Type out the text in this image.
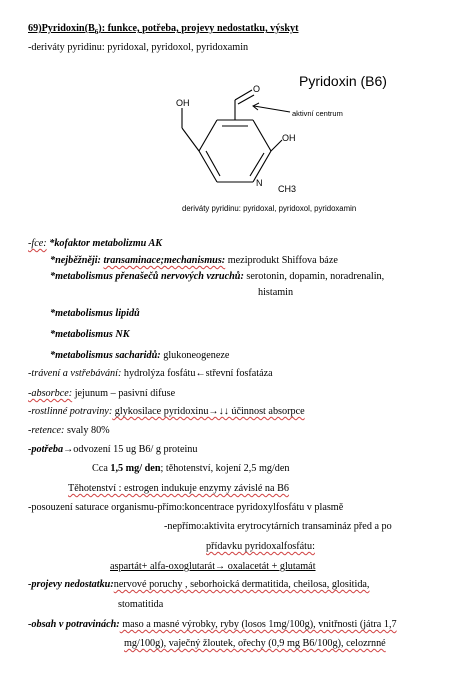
$69)Pyridoxin(B_6)$: funkce, potřeba, projevy nedostatku, výskyt
-deriváty pyridinu: pyridoxal, pyridoxol, pyridoxamin
Pyridoxin (B6)
OH
O
OH
aktivní centrum
N
CH3
deriváty pyridinu: pyridoxal, pyridoxol, pyridoxamin
-fce: *kofaktor metabolizmu AK
*nejběžněji: transaminace;mechanismus: meziprodukt Shiffova báze
*metabolismus přenašečů nervových vzruchů: serotonin, dopamin, noradrenalin,
histamin
*metabolismus lipidů
*metabolismus NK
*metabolismus sacharidů: glukoneogeneze
-trávení a vstřebávání: hydrolýza fosfátu←střevní fosfatáza
-absorbce: jejunum – pasivní difuse
-rostlinné potraviny: glykosilace pyridoxinu→↓↓ účinnost absorpce
-retence: svaly 80%
-potřeba→odvození 15 ug B6/ g proteinu
Cca 1,5 mg/ den; těhotenství, kojení 2,5 mg/den
Těhotenství : estrogen indukuje enzymy závislé na B6
-posouzení saturace organismu-přímo:koncentrace pyridoxylfosfátu v plasmě
-nepřímo:aktivita erytrocytárních transamináz před a po
přídavku pyridoxalfosfátu:
aspartát+ alfa-oxoglutarát→ oxalacetát + glutamát
-projevy nedostatku:nervové poruchy , seborhoická dermatitida, cheilosa, glositida,
stomatitida
-obsah v potravinách: maso a masné výrobky, ryby (losos 1mg/100g), vnitřnosti (játra 1,7
mg/100g), vaječný žloutek, ořechy (0,9 mg B6/100g), celozrnné
